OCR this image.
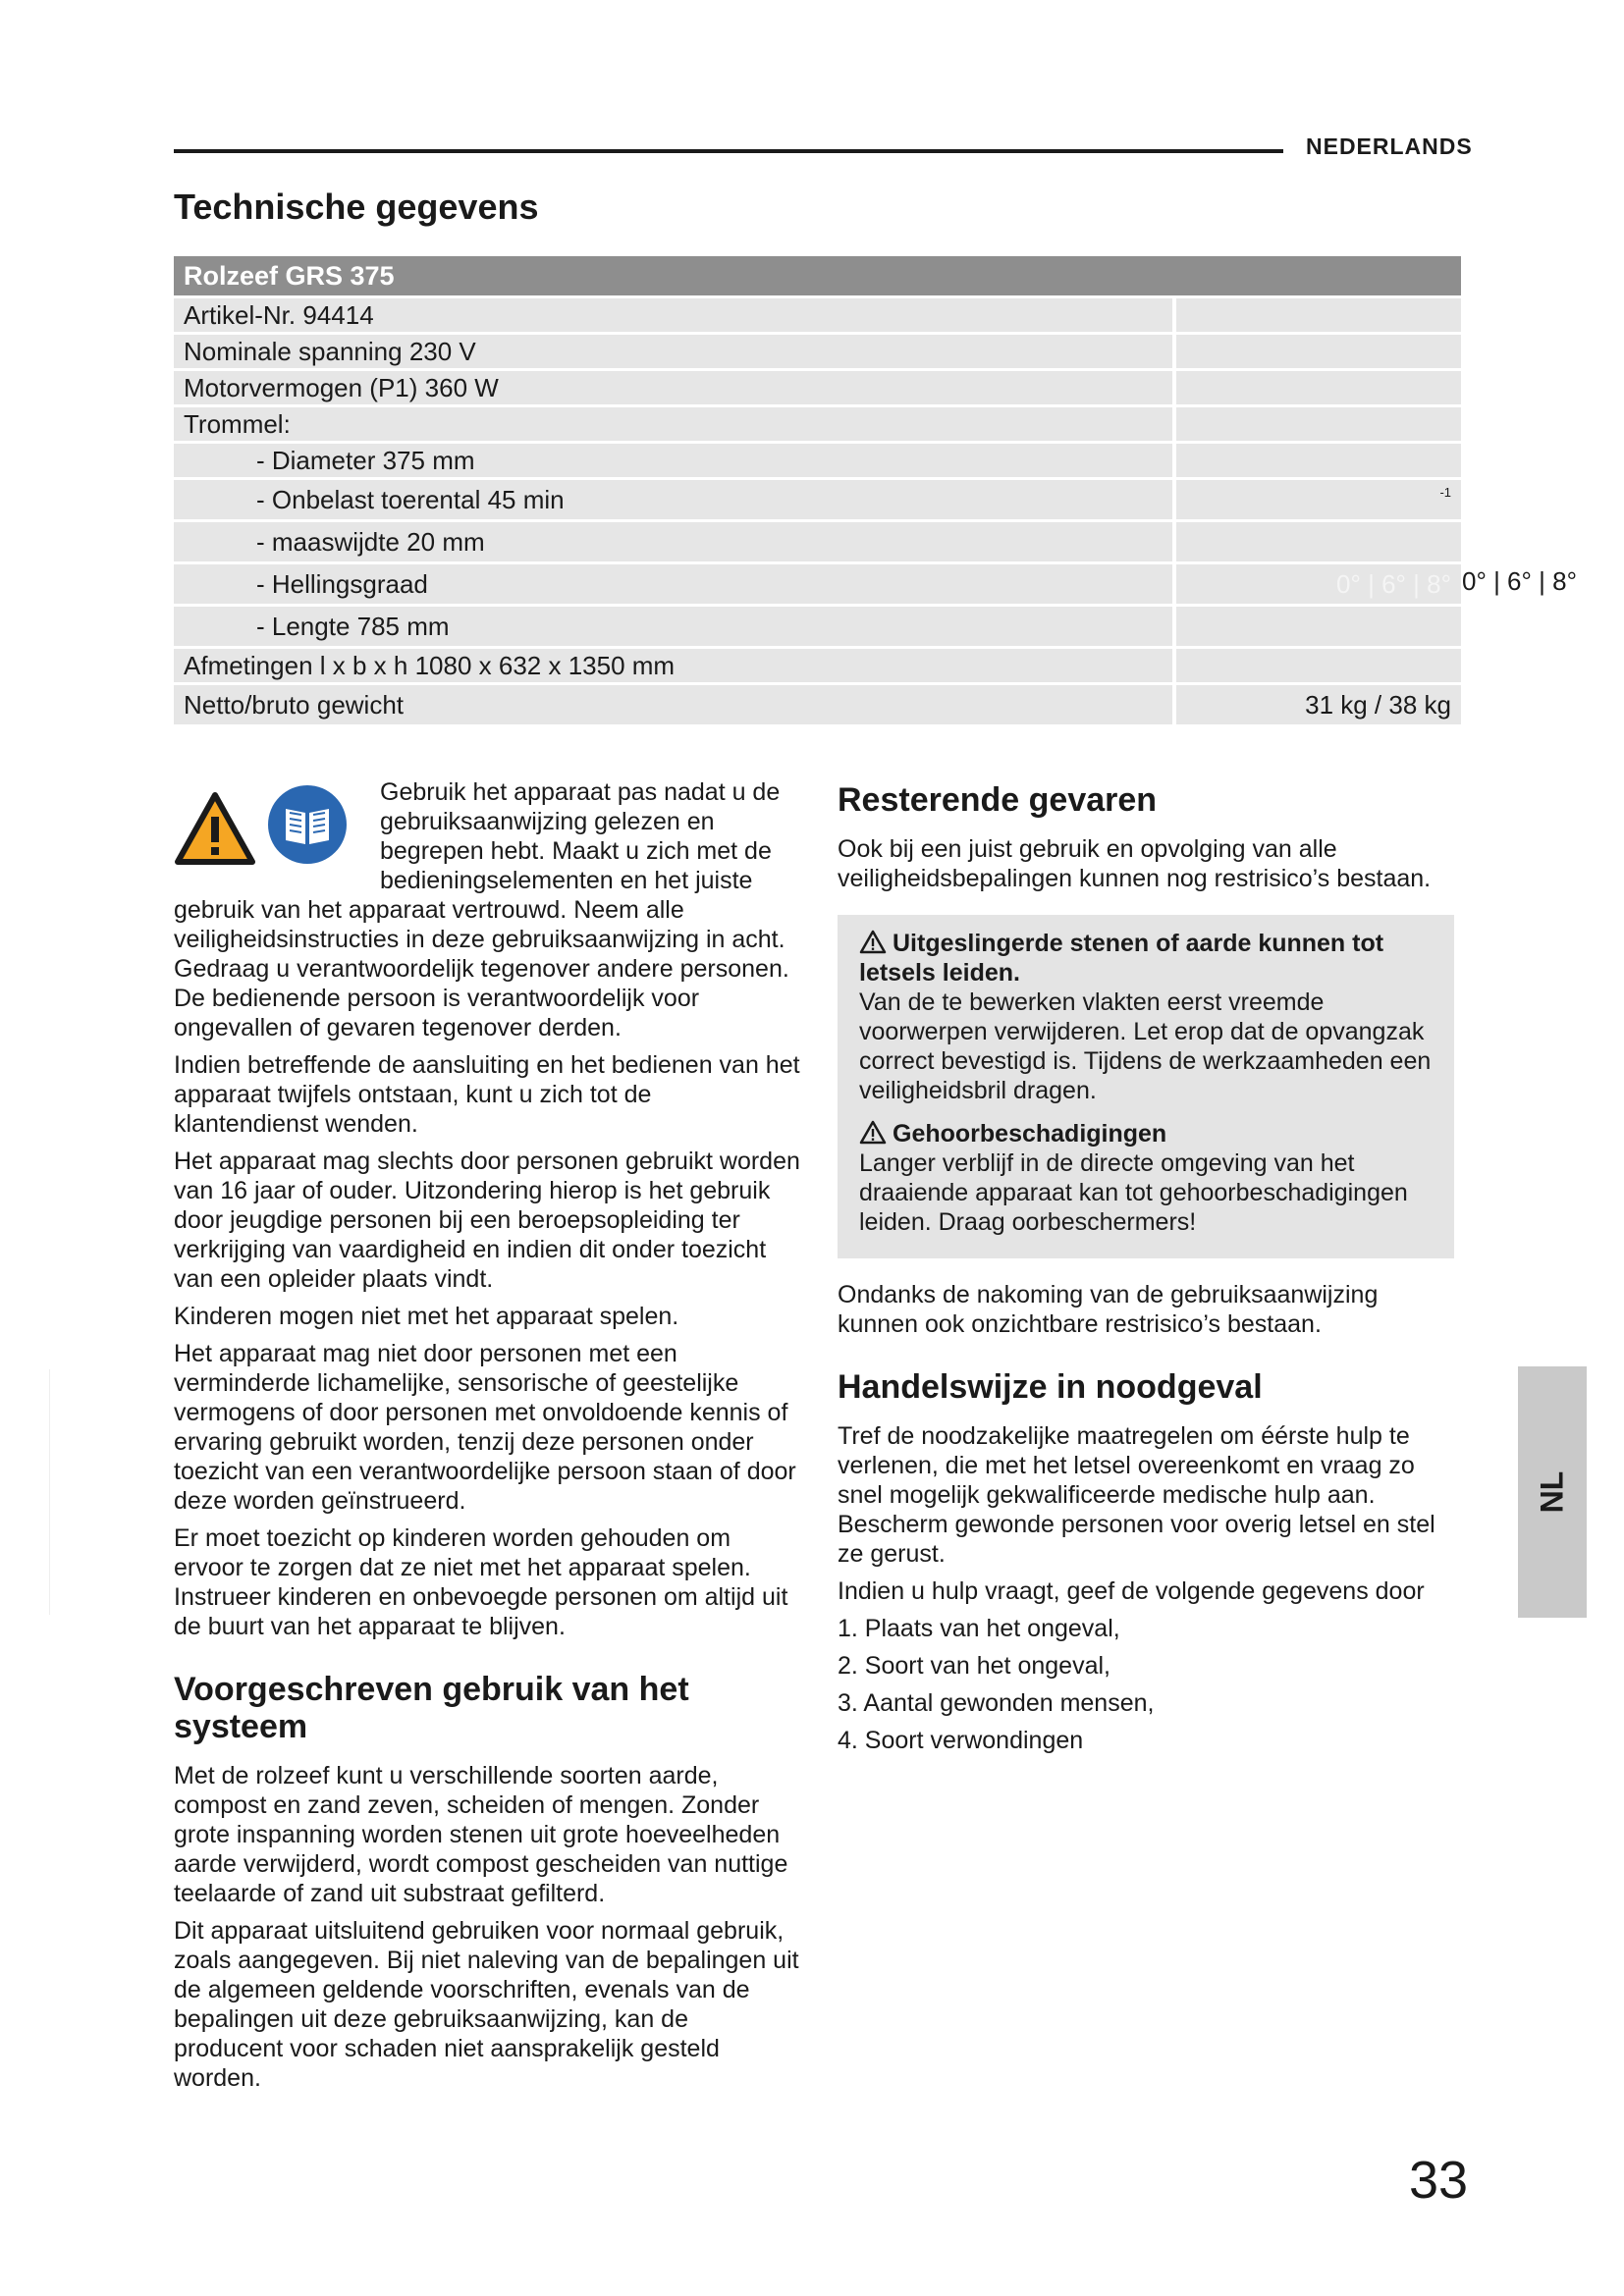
NEDERLANDS
Technische gegevens
Rolzeef GRS 375	
Artikel-Nr. 94414	
Nominale spanning 230 V	
Motorvermogen (P1) 360 W	
Trommel:	
- Diameter 375 mm	
- Onbelast toerental 45 min	$^{-1}$
- maaswijdte 20 mm	
- Hellingsgraad	0° | 6° | 8°
- Lengte 785 mm	
Afmetingen l x b x h 1080 x 632 x 1350 mm	
Netto/bruto gewicht	31 kg / 38 kg
0° | 6° | 8°

Gebruik het apparaat pas nadat u de gebruiksaanwijzing gelezen en begrepen hebt. Maakt u zich met de bedieningselementen en het juiste gebruik van het apparaat vertrouwd. Neem alle veiligheidsinstructies in deze gebruiksaanwijzing in acht. Gedraag u verantwoordelijk tegenover andere personen. De bedienende persoon is verantwoordelijk voor ongevallen of gevaren tegenover derden.

Indien betreffende de aansluiting en het bedienen van het apparaat twijfels ontstaan, kunt u zich tot de klantendienst wenden.

Het apparaat mag slechts door personen gebruikt worden van 16 jaar of ouder. Uitzondering hierop is het gebruik door jeugdige personen bij een beroepsopleiding ter verkrijging van vaardigheid en indien dit onder toezicht van een opleider plaats vindt.

Kinderen mogen niet met het apparaat spelen.

Het apparaat mag niet door personen met een verminderde lichamelijke, sensorische of geestelijke vermogens of door personen met onvoldoende kennis of ervaring gebruikt worden, tenzij deze personen onder toezicht van een verantwoordelijke persoon staan of door deze worden geïnstrueerd.

Er moet toezicht op kinderen worden gehouden om ervoor te zorgen dat ze niet met het apparaat spelen. Instrueer kinderen en onbevoegde personen om altijd uit de buurt van het apparaat te blijven.

Voorgeschreven gebruik van het systeem

Met de rolzeef kunt u verschillende soorten aarde, compost en zand zeven, scheiden of mengen. Zonder grote inspanning worden stenen uit grote hoeveelheden aarde verwijderd, wordt compost gescheiden van nuttige teelaarde of zand uit substraat gefilterd.

Dit apparaat uitsluitend gebruiken voor normaal gebruik, zoals aangegeven. Bij niet naleving van de bepalingen uit de algemeen geldende voorschriften, evenals van de bepalingen uit deze gebruiksaanwijzing, kan de producent voor schaden niet aansprakelijk gesteld worden.

Resterende gevaren

Ook bij een juist gebruik en opvolging van alle veiligheidsbepalingen kunnen nog restrisico’s bestaan.

Uitgeslingerde stenen of aarde kunnen tot letsels leiden.
Van de te bewerken vlakten eerst vreemde voorwerpen verwijderen. Let erop dat de opvangzak correct bevestigd is. Tijdens de werkzaamheden een veiligheidsbril dragen.
Gehoorbeschadigingen
Langer verblijf in de directe omgeving van het draaiende apparaat kan tot gehoorbeschadigingen leiden. Draag oorbeschermers!

Ondanks de nakoming van de gebruiksaanwijzing kunnen ook onzichtbare restrisico’s bestaan.

Handelswijze in noodgeval

Tref de noodzakelijke maatregelen om éérste hulp te verlenen, die met het letsel overeenkomt en vraag zo snel mogelijk gekwalificeerde medische hulp aan. Bescherm gewonde personen voor overig letsel en stel ze gerust.

Indien u hulp vraagt, geef de volgende gegevens door

1. Plaats van het ongeval,
2. Soort van het ongeval,
3. Aantal gewonden mensen,
4. Soort verwondingen
NL
33
